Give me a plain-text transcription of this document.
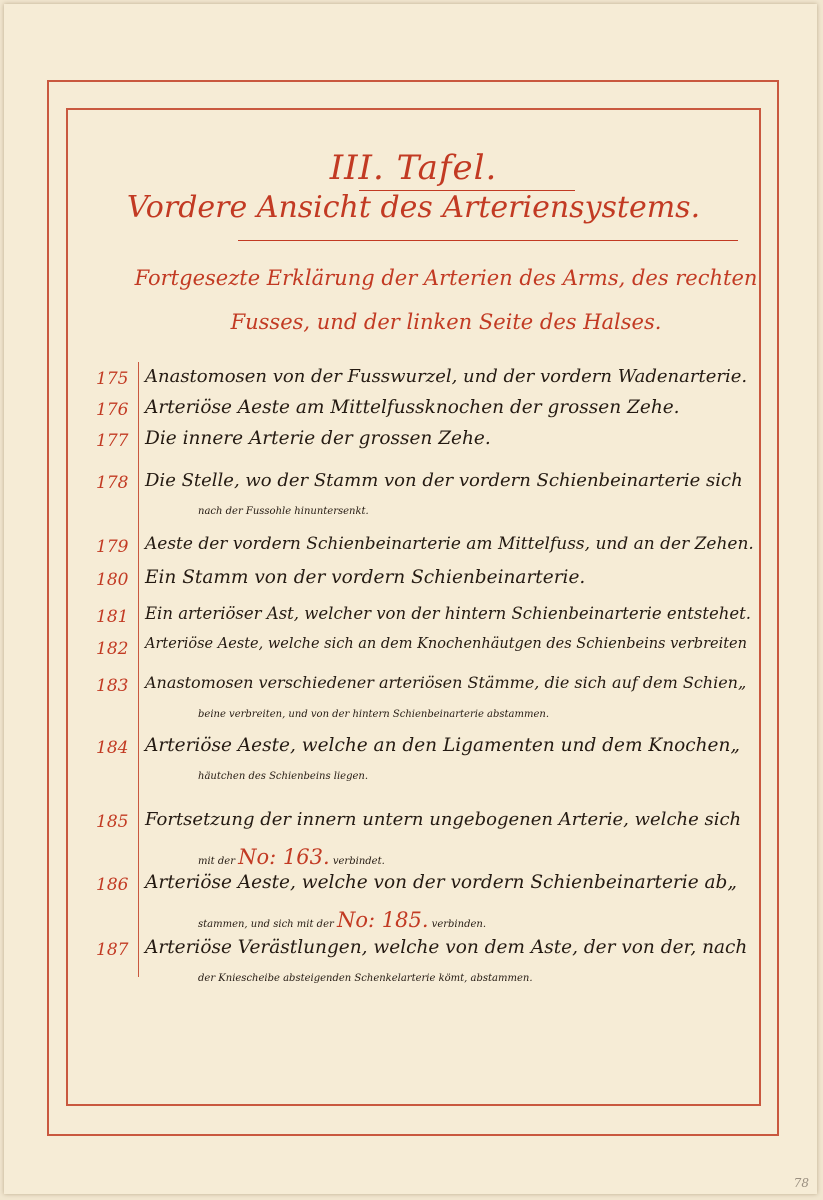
III. Tafel.
Vordere Ansicht des Arteriensystems.
Fortgesezte Erklärung der Arterien des Arms, des rechten
Fusses, und der linken Seite des Halses.
175 Anastomosen von der Fusswurzel, und der vordern Wadenarterie.
176 Arteriöse Aeste am Mittelfussknochen der grossen Zehe.
177 Die innere Arterie der grossen Zehe.
178 Die Stelle, wo der Stamm von der vordern Schienbeinarterie sich
nach der Fussohle hinuntersenkt.
179 Aeste der vordern Schienbeinarterie am Mittelfuss, und an der Zehen.
180 Ein Stamm von der vordern Schienbeinarterie.
181	Ein arteriöser Ast, welcher von der hintern Schienbeinarterie entstehet.
182	Arteriöse Aeste, welche sich an dem Knochenhäutgen des Schienbeins verbreiten
183	Anastomosen verschiedener arteriösen Stämme, die sich auf dem Schien„
beine verbreiten, und von der hintern Schienbeinarterie abstammen.
184 Arteriöse Aeste, welche an den Ligamenten und dem Knochen„
häutchen des Schienbeins liegen.
185 Fortsetzung der innern untern ungebogenen Arterie, welche sich
mit der No: 163. verbindet.
186 Arteriöse Aeste, welche von der vordern Schienbeinarterie ab„
stammen, und sich mit der No: 185. verbinden.
187 Arteriöse Verästlungen, welche von dem Aste, der von der, nach
der Kniescheibe absteigenden Schenkelarterie kömt, abstammen.
78
